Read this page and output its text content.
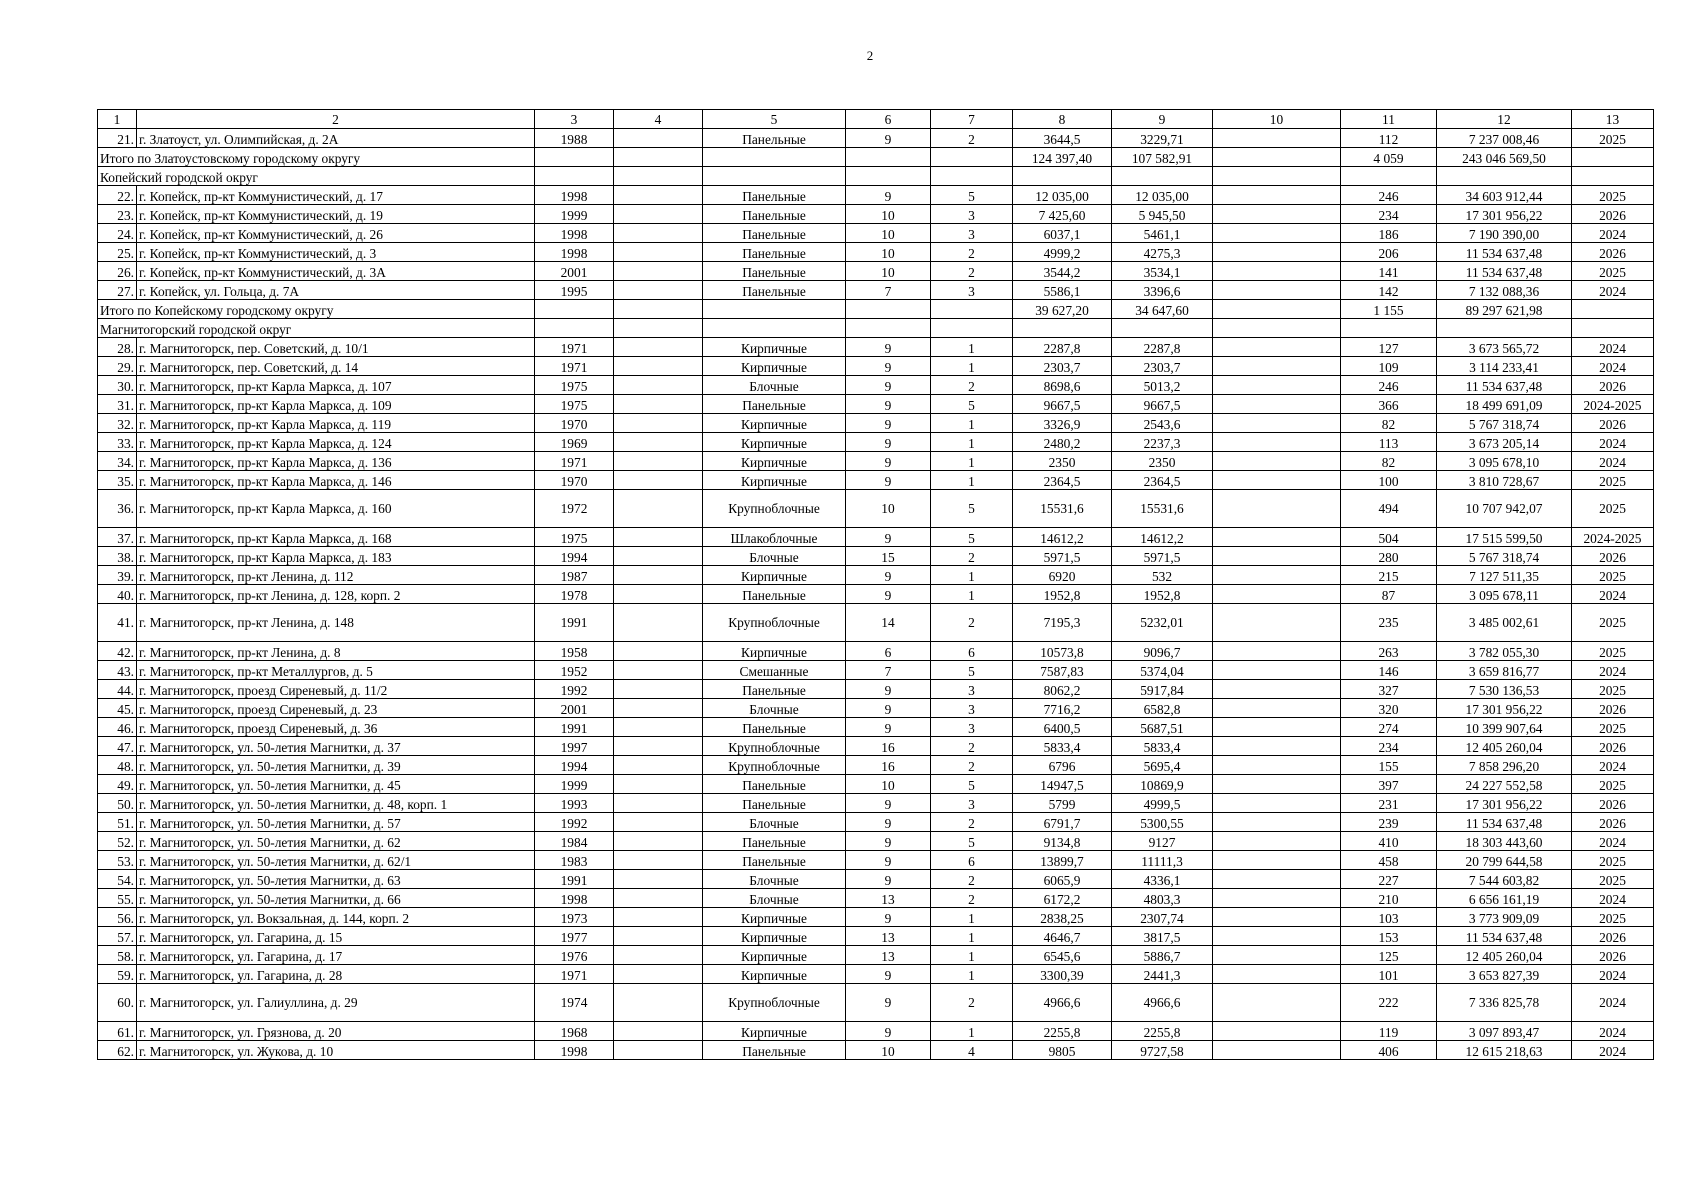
2
1	2	3	4	5	6	7	8	9	10	11	12	13
21.	г. Златоуст, ул. Олимпийская, д. 2А	1988		Панельные	9	2	3644,5	3229,71		112	7 237 008,46	2025
Итого по Златоустовскому городскому округу							124 397,40	107 582,91		4 059	243 046 569,50	
Копейский городской округ												
22.	г. Копейск, пр-кт Коммунистический, д. 17	1998		Панельные	9	5	12 035,00	12 035,00		246	34 603 912,44	2025
23.	г. Копейск, пр-кт Коммунистический, д. 19	1999		Панельные	10	3	7 425,60	5 945,50		234	17 301 956,22	2026
24.	г. Копейск, пр-кт Коммунистический, д. 26	1998		Панельные	10	3	6037,1	5461,1		186	7 190 390,00	2024
25.	г. Копейск, пр-кт Коммунистический, д. 3	1998		Панельные	10	2	4999,2	4275,3		206	11 534 637,48	2026
26.	г. Копейск, пр-кт Коммунистический, д. 3А	2001		Панельные	10	2	3544,2	3534,1		141	11 534 637,48	2025
27.	г. Копейск, ул. Гольца, д. 7А	1995		Панельные	7	3	5586,1	3396,6		142	7 132 088,36	2024
Итого по Копейскому городскому округу							39 627,20	34 647,60		1 155	89 297 621,98	
Магнитогорский городской округ												
28.	г. Магнитогорск, пер. Советский, д. 10/1	1971		Кирпичные	9	1	2287,8	2287,8		127	3 673 565,72	2024
29.	г. Магнитогорск, пер. Советский, д. 14	1971		Кирпичные	9	1	2303,7	2303,7		109	3 114 233,41	2024
30.	г. Магнитогорск, пр-кт Карла Маркса, д. 107	1975		Блочные	9	2	8698,6	5013,2		246	11 534 637,48	2026
31.	г. Магнитогорск, пр-кт Карла Маркса, д. 109	1975		Панельные	9	5	9667,5	9667,5		366	18 499 691,09	2024-2025
32.	г. Магнитогорск, пр-кт Карла Маркса, д. 119	1970		Кирпичные	9	1	3326,9	2543,6		82	5 767 318,74	2026
33.	г. Магнитогорск, пр-кт Карла Маркса, д. 124	1969		Кирпичные	9	1	2480,2	2237,3		113	3 673 205,14	2024
34.	г. Магнитогорск, пр-кт Карла Маркса, д. 136	1971		Кирпичные	9	1	2350	2350		82	3 095 678,10	2024
35.	г. Магнитогорск, пр-кт Карла Маркса, д. 146	1970		Кирпичные	9	1	2364,5	2364,5		100	3 810 728,67	2025
36.	г. Магнитогорск, пр-кт Карла Маркса, д. 160	1972		Крупноблочные	10	5	15531,6	15531,6		494	10 707 942,07	2025
37.	г. Магнитогорск, пр-кт Карла Маркса, д. 168	1975		Шлакоблочные	9	5	14612,2	14612,2		504	17 515 599,50	2024-2025
38.	г. Магнитогорск, пр-кт Карла Маркса, д. 183	1994		Блочные	15	2	5971,5	5971,5		280	5 767 318,74	2026
39.	г. Магнитогорск, пр-кт Ленина, д. 112	1987		Кирпичные	9	1	6920	532		215	7 127 511,35	2025
40.	г. Магнитогорск, пр-кт Ленина, д. 128, корп. 2	1978		Панельные	9	1	1952,8	1952,8		87	3 095 678,11	2024
41.	г. Магнитогорск, пр-кт Ленина, д. 148	1991		Крупноблочные	14	2	7195,3	5232,01		235	3 485 002,61	2025
42.	г. Магнитогорск, пр-кт Ленина, д. 8	1958		Кирпичные	6	6	10573,8	9096,7		263	3 782 055,30	2025
43.	г. Магнитогорск, пр-кт Металлургов, д. 5	1952		Смешанные	7	5	7587,83	5374,04		146	3 659 816,77	2024
44.	г. Магнитогорск, проезд Сиреневый, д. 11/2	1992		Панельные	9	3	8062,2	5917,84		327	7 530 136,53	2025
45.	г. Магнитогорск, проезд Сиреневый, д. 23	2001		Блочные	9	3	7716,2	6582,8		320	17 301 956,22	2026
46.	г. Магнитогорск, проезд Сиреневый, д. 36	1991		Панельные	9	3	6400,5	5687,51		274	10 399 907,64	2025
47.	г. Магнитогорск, ул. 50-летия Магнитки, д. 37	1997		Крупноблочные	16	2	5833,4	5833,4		234	12 405 260,04	2026
48.	г. Магнитогорск, ул. 50-летия Магнитки, д. 39	1994		Крупноблочные	16	2	6796	5695,4		155	7 858 296,20	2024
49.	г. Магнитогорск, ул. 50-летия Магнитки, д. 45	1999		Панельные	10	5	14947,5	10869,9		397	24 227 552,58	2025
50.	г. Магнитогорск, ул. 50-летия Магнитки, д. 48, корп. 1	1993		Панельные	9	3	5799	4999,5		231	17 301 956,22	2026
51.	г. Магнитогорск, ул. 50-летия Магнитки, д. 57	1992		Блочные	9	2	6791,7	5300,55		239	11 534 637,48	2026
52.	г. Магнитогорск, ул. 50-летия Магнитки, д. 62	1984		Панельные	9	5	9134,8	9127		410	18 303 443,60	2024
53.	г. Магнитогорск, ул. 50-летия Магнитки, д. 62/1	1983		Панельные	9	6	13899,7	11111,3		458	20 799 644,58	2025
54.	г. Магнитогорск, ул. 50-летия Магнитки, д. 63	1991		Блочные	9	2	6065,9	4336,1		227	7 544 603,82	2025
55.	г. Магнитогорск, ул. 50-летия Магнитки, д. 66	1998		Блочные	13	2	6172,2	4803,3		210	6 656 161,19	2024
56.	г. Магнитогорск, ул. Вокзальная, д. 144, корп. 2	1973		Кирпичные	9	1	2838,25	2307,74		103	3 773 909,09	2025
57.	г. Магнитогорск, ул. Гагарина, д. 15	1977		Кирпичные	13	1	4646,7	3817,5		153	11 534 637,48	2026
58.	г. Магнитогорск, ул. Гагарина, д. 17	1976		Кирпичные	13	1	6545,6	5886,7		125	12 405 260,04	2026
59.	г. Магнитогорск, ул. Гагарина, д. 28	1971		Кирпичные	9	1	3300,39	2441,3		101	3 653 827,39	2024
60.	г. Магнитогорск, ул. Галиуллина, д. 29	1974		Крупноблочные	9	2	4966,6	4966,6		222	7 336 825,78	2024
61.	г. Магнитогорск, ул. Грязнова, д. 20	1968		Кирпичные	9	1	2255,8	2255,8		119	3 097 893,47	2024
62.	г. Магнитогорск, ул. Жукова, д. 10	1998		Панельные	10	4	9805	9727,58		406	12 615 218,63	2024
